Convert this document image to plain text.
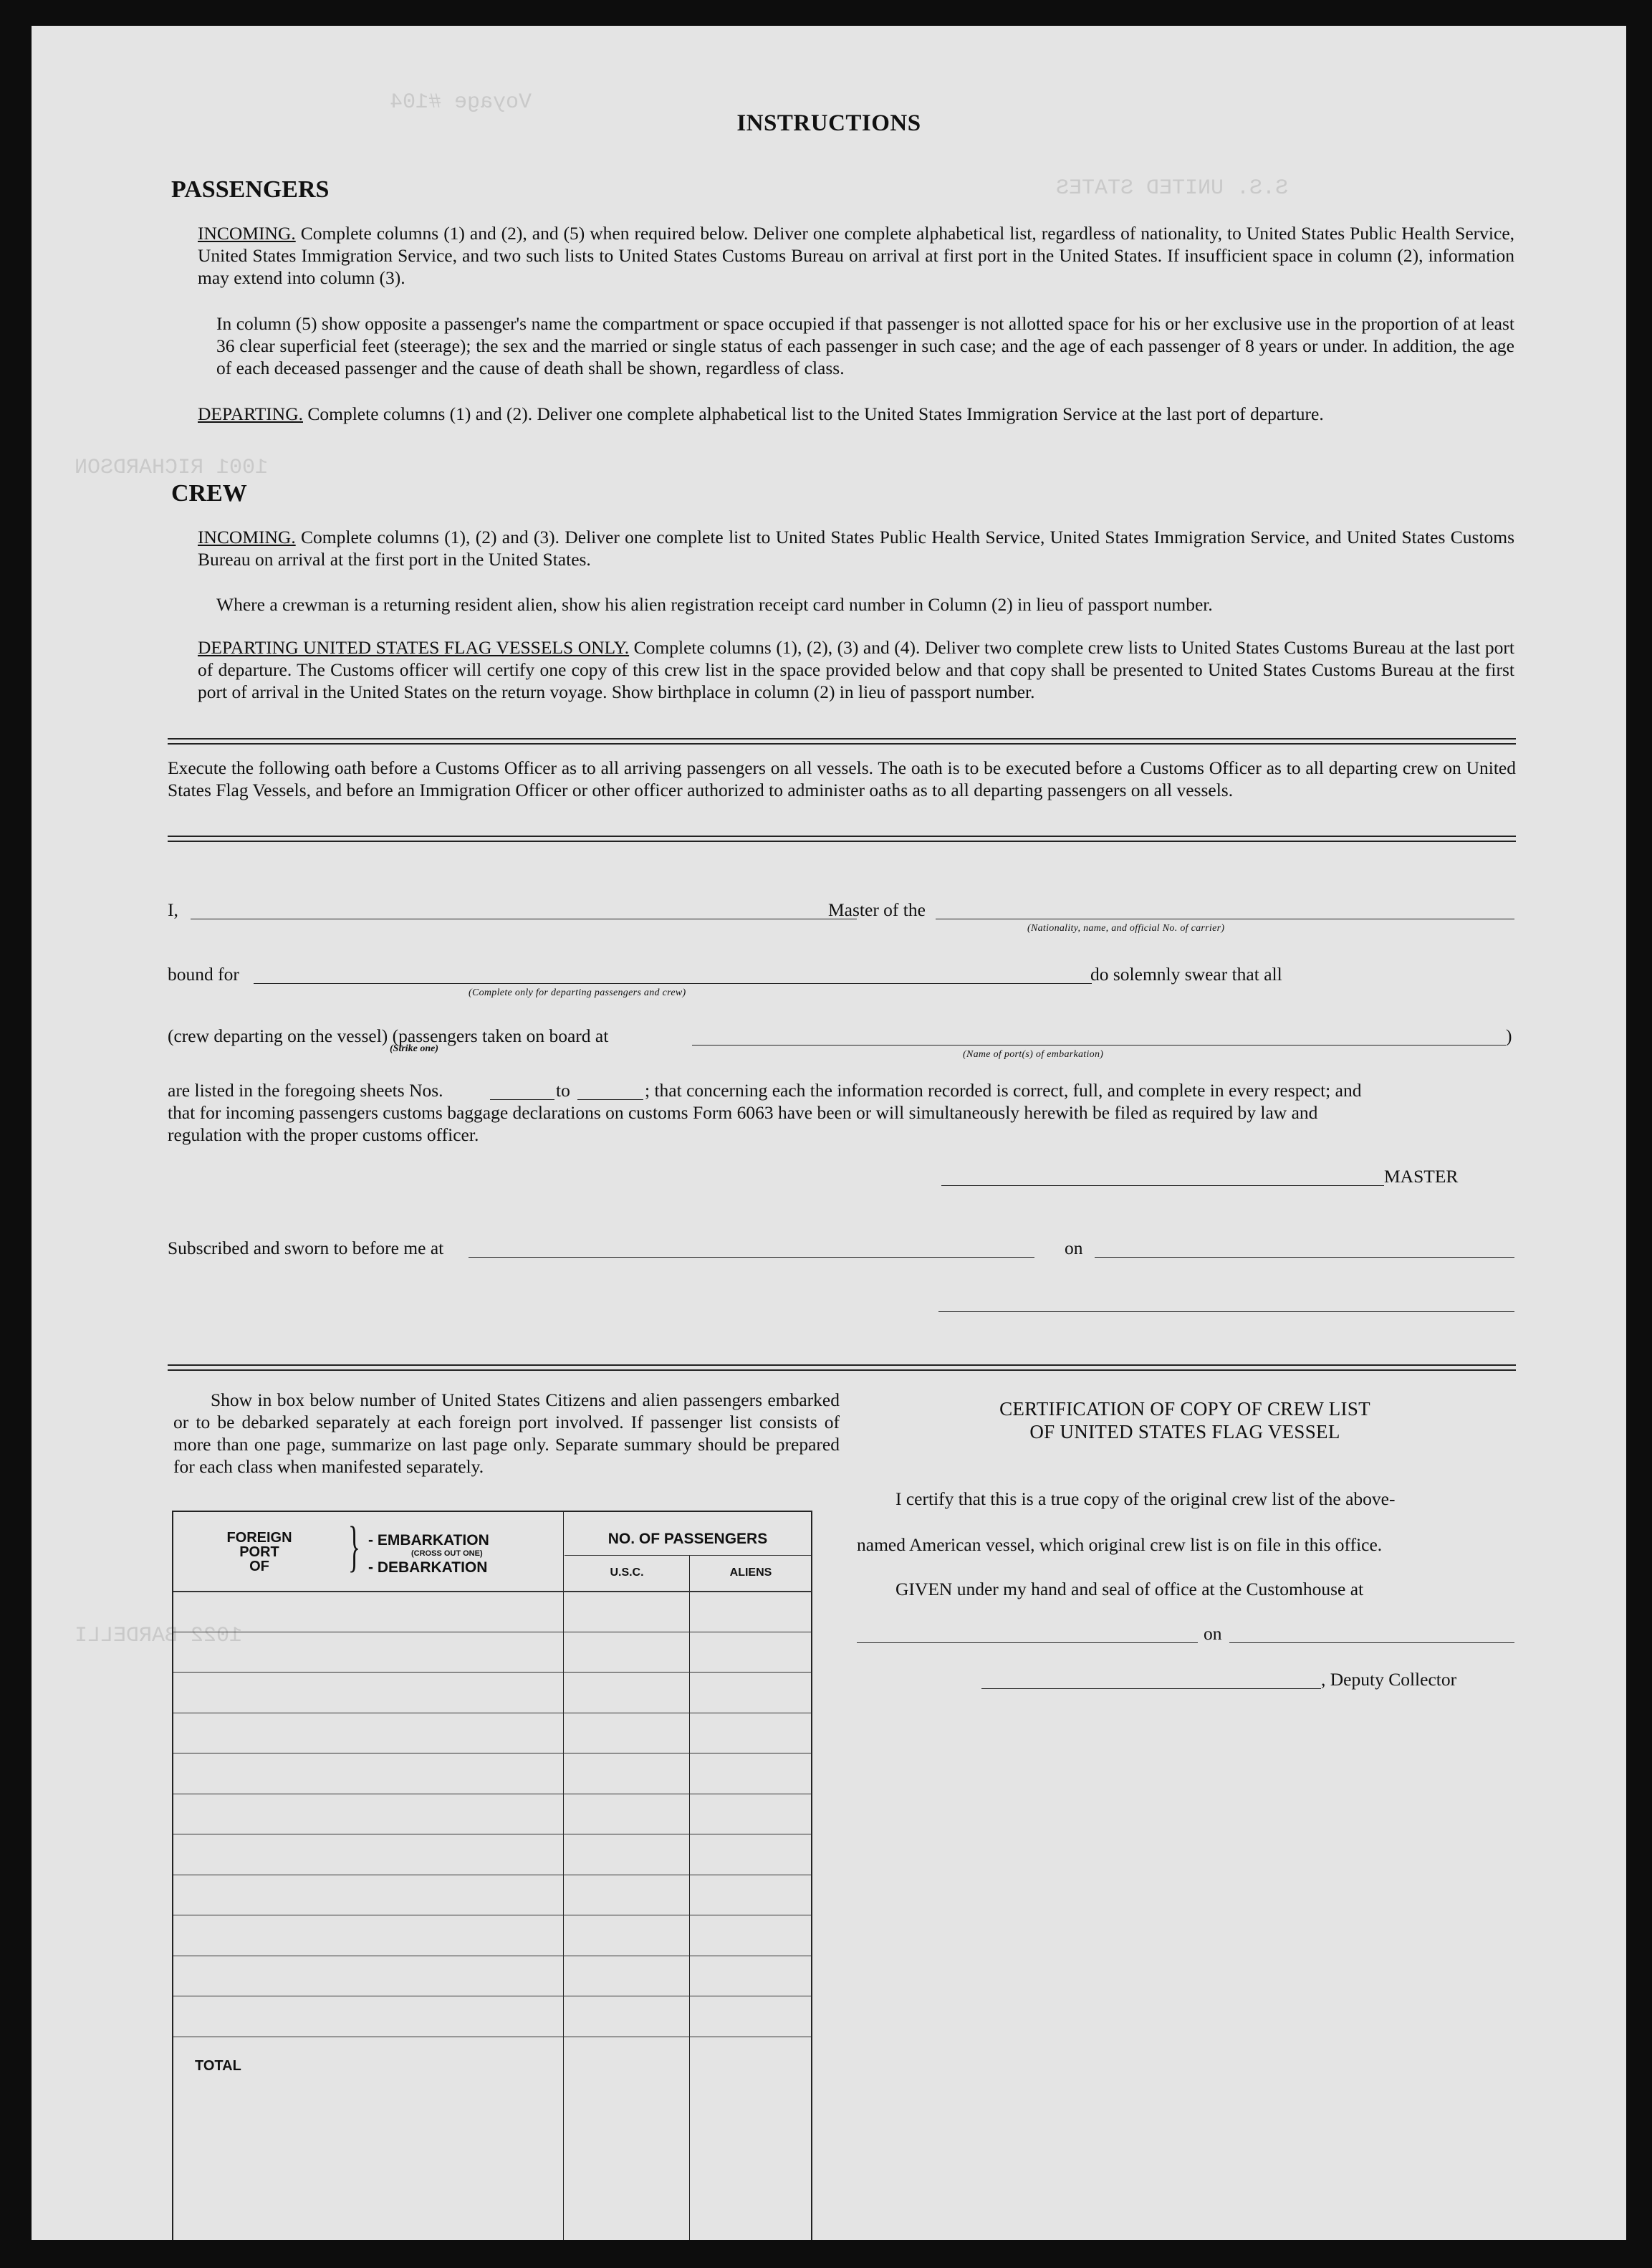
Voyage #104
S.S. UNITED STATES
1001 RICHARDSON
1022 BARDELLI
INSTRUCTIONS
PASSENGERS
INCOMING. Complete columns (1) and (2), and (5) when required below. Deliver one complete alphabetical list, regardless of nationality, to United States Public Health Service, United States Immigration Service, and two such lists to United States Customs Bureau on arrival at first port in the United States. If insufficient space in column (2), information may extend into column (3).
In column (5) show opposite a passenger's name the compartment or space occupied if that passenger is not allotted space for his or her exclusive use in the proportion of at least 36 clear superficial feet (steerage); the sex and the married or single status of each passenger in such case; and the age of each passenger of 8 years or under. In addition, the age of each deceased passenger and the cause of death shall be shown, regardless of class.
DEPARTING. Complete columns (1) and (2). Deliver one complete alphabetical list to the United States Immigration Service at the last port of departure.
CREW
INCOMING. Complete columns (1), (2) and (3). Deliver one complete list to United States Public Health Service, United States Immigration Service, and United States Customs Bureau on arrival at the first port in the United States.
Where a crewman is a returning resident alien, show his alien registration receipt card number in Column (2) in lieu of passport number.
DEPARTING UNITED STATES FLAG VESSELS ONLY. Complete columns (1), (2), (3) and (4). Deliver two complete crew lists to United States Customs Bureau at the last port of departure. The Customs officer will certify one copy of this crew list in the space provided below and that copy shall be presented to United States Customs Bureau at the first port of arrival in the United States on the return voyage. Show birthplace in column (2) in lieu of passport number.
Execute the following oath before a Customs Officer as to all arriving passengers on all vessels. The oath is to be executed before a Customs Officer as to all departing crew on United States Flag Vessels, and before an Immigration Officer or other officer authorized to administer oaths as to all departing passengers on all vessels.
I,	Master of the
(Nationality, name, and official No. of carrier)
bound for
(Complete only for departing passengers and crew)
do solemnly swear that all
(crew departing on the vessel) (passengers taken on board at
(Strike one)
(Name of port(s) of embarkation)
)
are listed in the foregoing sheets Nos.	to	; that concerning each the information recorded is correct, full, and complete in every respect; and
that for incoming passengers customs baggage declarations on customs Form 6063 have been or will simultaneously herewith be filed as required by law and
regulation with the proper customs officer.
MASTER
Subscribed and sworn to before me at	on
Show in box below number of United States Citizens and alien passengers embarked or to be debarked separately at each foreign port involved. If passenger list consists of more than one page, summarize on last page only. Separate summary should be prepared for each class when manifested separately.
FOREIGN
PORT
OF	} - EMBARKATION
(CROSS OUT ONE)
- DEBARKATION
NO. OF PASSENGERS
U.S.C.	ALIENS
TOTAL
CERTIFICATION OF COPY OF CREW LIST
OF UNITED STATES FLAG VESSEL
I certify that this is a true copy of the original crew list of the above-
named American vessel, which original crew list is on file in this office.
GIVEN under my hand and seal of office at the Customhouse at
on
, Deputy Collector
